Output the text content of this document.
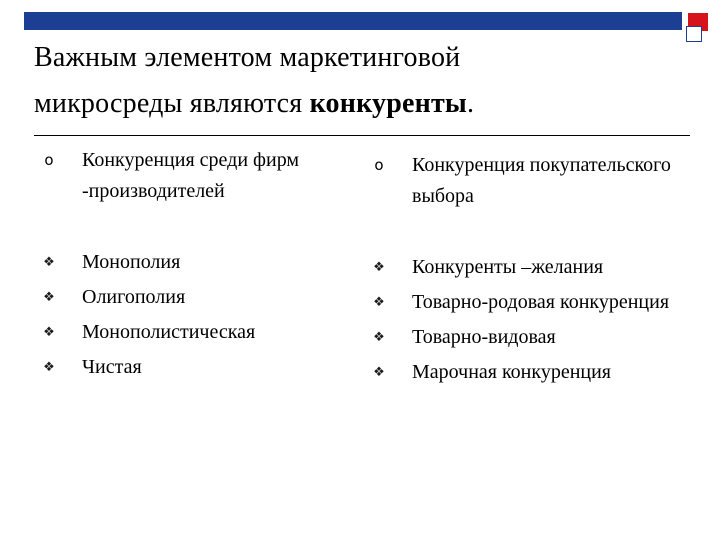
Важным элементом маркетинговой
микросреды являются конкуренты.
o Конкуренция среди фирм -производителей
❖ Монополия
❖ Олигополия
❖ Монополистическая
❖ Чистая
o Конкуренция покупательского выбора
❖ Конкуренты –желания
❖ Товарно-родовая конкуренция
❖ Товарно-видовая
❖ Марочная конкуренция
